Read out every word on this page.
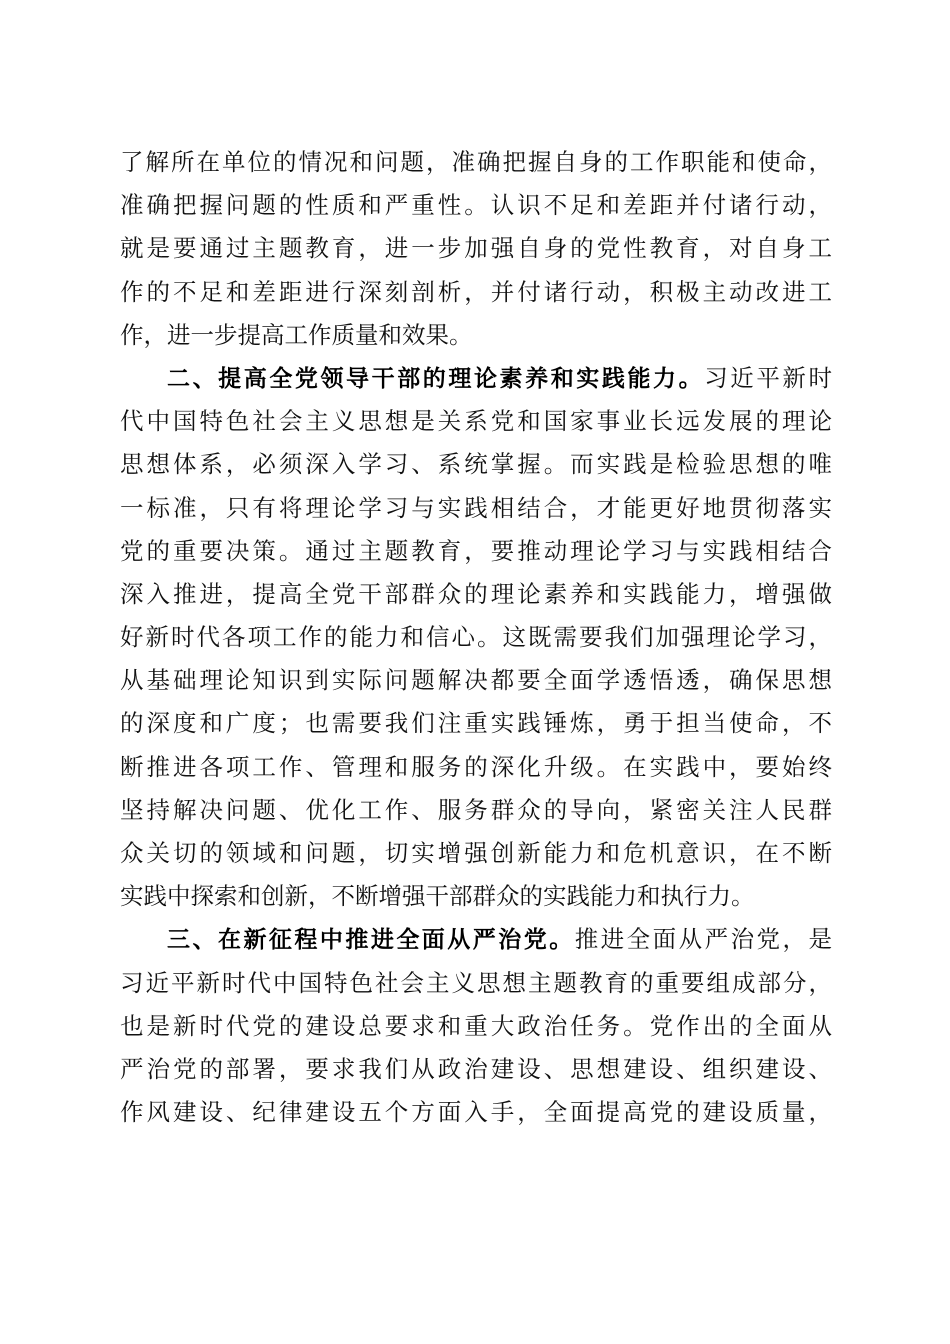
了解所在单位的情况和问题，准确把握自身的工作职能和使命，
准确把握问题的性质和严重性。认识不足和差距并付诸行动，
就是要通过主题教育，进一步加强自身的党性教育，对自身工
作的不足和差距进行深刻剖析，并付诸行动，积极主动改进工
作，进一步提高工作质量和效果。
二、提高全党领导干部的理论素养和实践能力。习近平新时
代中国特色社会主义思想是关系党和国家事业长远发展的理论
思想体系，必须深入学习、系统掌握。而实践是检验思想的唯
一标准，只有将理论学习与实践相结合，才能更好地贯彻落实
党的重要决策。通过主题教育，要推动理论学习与实践相结合
深入推进，提高全党干部群众的理论素养和实践能力，增强做
好新时代各项工作的能力和信心。这既需要我们加强理论学习，
从基础理论知识到实际问题解决都要全面学透悟透，确保思想
的深度和广度；也需要我们注重实践锤炼，勇于担当使命，不
断推进各项工作、管理和服务的深化升级。在实践中，要始终
坚持解决问题、优化工作、服务群众的导向，紧密关注人民群
众关切的领域和问题，切实增强创新能力和危机意识，在不断
实践中探索和创新，不断增强干部群众的实践能力和执行力。
三、在新征程中推进全面从严治党。推进全面从严治党，是
习近平新时代中国特色社会主义思想主题教育的重要组成部分，
也是新时代党的建设总要求和重大政治任务。党作出的全面从
严治党的部署，要求我们从政治建设、思想建设、组织建设、
作风建设、纪律建设五个方面入手，全面提高党的建设质量，
